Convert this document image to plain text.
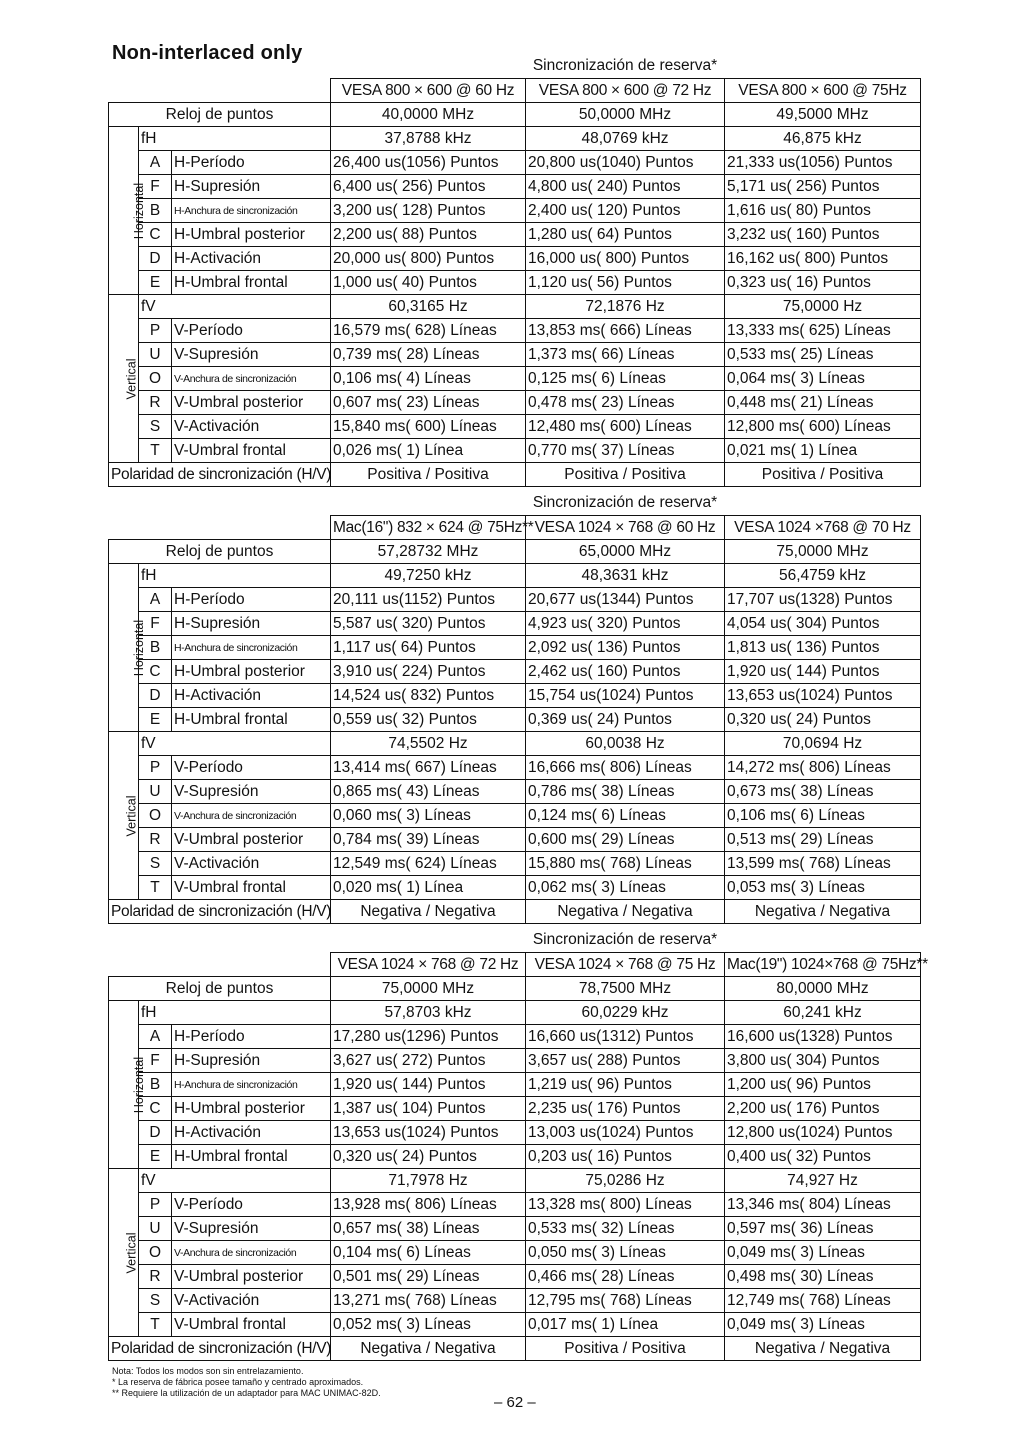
Non-interlaced only
Sincronización de reserva*
			VESA 800 × 600 @ 60 Hz	VESA 800 × 600 @ 72 Hz	VESA 800 × 600 @ 75Hz
Reloj de puntos			40,0000 MHz	50,0000 MHz	49,5000 MHz
Horizontal	fH		37,8788 kHz	48,0769 kHz	46,875 kHz
	A	H-Período	26,400 us(1056) Puntos	20,800 us(1040) Puntos	21,333 us(1056) Puntos
	F	H-Supresión	6,400 us( 256) Puntos	4,800 us( 240) Puntos	5,171 us( 256) Puntos
	B	H-Anchura de sincronización	3,200 us( 128) Puntos	2,400 us( 120) Puntos	1,616 us( 80) Puntos
	C	H-Umbral posterior	2,200 us( 88) Puntos	1,280 us( 64) Puntos	3,232 us( 160) Puntos
	D	H-Activación	20,000 us( 800) Puntos	16,000 us( 800) Puntos	16,162 us( 800) Puntos
	E	H-Umbral frontal	1,000 us( 40) Puntos	1,120 us( 56) Puntos	0,323 us( 16) Puntos
Vertical	fV		60,3165 Hz	72,1876 Hz	75,0000 Hz
	P	V-Período	16,579 ms( 628) Líneas	13,853 ms( 666) Líneas	13,333 ms( 625) Líneas
	U	V-Supresión	0,739 ms( 28) Líneas	1,373 ms( 66) Líneas	0,533 ms( 25) Líneas
	O	V-Anchura de sincronización	0,106 ms( 4) Líneas	0,125 ms( 6) Líneas	0,064 ms( 3) Líneas
	R	V-Umbral posterior	0,607 ms( 23) Líneas	0,478 ms( 23) Líneas	0,448 ms( 21) Líneas
	S	V-Activación	15,840 ms( 600) Líneas	12,480 ms( 600) Líneas	12,800 ms( 600) Líneas
	T	V-Umbral frontal	0,026 ms( 1) Línea	0,770 ms( 37) Líneas	0,021 ms( 1) Línea
Polaridad de sincronización (H/V)			Positiva / Positiva	Positiva / Positiva	Positiva / Positiva
Sincronización de reserva*
			Mac(16") 832 × 624 @ 75Hz**	VESA 1024 × 768 @ 60 Hz	VESA 1024 ×768 @ 70 Hz
Reloj de puntos			57,28732 MHz	65,0000 MHz	75,0000 MHz
Horizontal	fH		49,7250 kHz	48,3631 kHz	56,4759 kHz
	A	H-Período	20,111 us(1152) Puntos	20,677 us(1344) Puntos	17,707 us(1328) Puntos
	F	H-Supresión	5,587 us( 320) Puntos	4,923 us( 320) Puntos	4,054 us( 304) Puntos
	B	H-Anchura de sincronización	1,117 us( 64) Puntos	2,092 us( 136) Puntos	1,813 us( 136) Puntos
	C	H-Umbral posterior	3,910 us( 224) Puntos	2,462 us( 160) Puntos	1,920 us( 144) Puntos
	D	H-Activación	14,524 us( 832) Puntos	15,754 us(1024) Puntos	13,653 us(1024) Puntos
	E	H-Umbral frontal	0,559 us( 32) Puntos	0,369 us( 24) Puntos	0,320 us( 24) Puntos
Vertical	fV		74,5502 Hz	60,0038 Hz	70,0694 Hz
	P	V-Período	13,414 ms( 667) Líneas	16,666 ms( 806) Líneas	14,272 ms( 806) Líneas
	U	V-Supresión	0,865 ms( 43) Líneas	0,786 ms( 38) Líneas	0,673 ms( 38) Líneas
	O	V-Anchura de sincronización	0,060 ms( 3) Líneas	0,124 ms( 6) Líneas	0,106 ms( 6) Líneas
	R	V-Umbral posterior	0,784 ms( 39) Líneas	0,600 ms( 29) Líneas	0,513 ms( 29) Líneas
	S	V-Activación	12,549 ms( 624) Líneas	15,880 ms( 768) Líneas	13,599 ms( 768) Líneas
	T	V-Umbral frontal	0,020 ms( 1) Línea	0,062 ms( 3) Líneas	0,053 ms( 3) Líneas
Polaridad de sincronización (H/V)			Negativa / Negativa	Negativa / Negativa	Negativa / Negativa
Sincronización de reserva*
			VESA 1024 × 768 @ 72 Hz	VESA 1024 × 768 @ 75 Hz	Mac(19") 1024×768 @ 75Hz**
Reloj de puntos			75,0000 MHz	78,7500 MHz	80,0000 MHz
Horizontal	fH		57,8703 kHz	60,0229 kHz	60,241 kHz
	A	H-Período	17,280 us(1296) Puntos	16,660 us(1312) Puntos	16,600 us(1328) Puntos
	F	H-Supresión	3,627 us( 272) Puntos	3,657 us( 288) Puntos	3,800 us( 304) Puntos
	B	H-Anchura de sincronización	1,920 us( 144) Puntos	1,219 us( 96) Puntos	1,200 us( 96) Puntos
	C	H-Umbral posterior	1,387 us( 104) Puntos	2,235 us( 176) Puntos	2,200 us( 176) Puntos
	D	H-Activación	13,653 us(1024) Puntos	13,003 us(1024) Puntos	12,800 us(1024) Puntos
	E	H-Umbral frontal	0,320 us( 24) Puntos	0,203 us( 16) Puntos	0,400 us( 32) Puntos
Vertical	fV		71,7978 Hz	75,0286 Hz	74,927 Hz
	P	V-Período	13,928 ms( 806) Líneas	13,328 ms( 800) Líneas	13,346 ms( 804) Líneas
	U	V-Supresión	0,657 ms( 38) Líneas	0,533 ms( 32) Líneas	0,597 ms( 36) Líneas
	O	V-Anchura de sincronización	0,104 ms( 6) Líneas	0,050 ms( 3) Líneas	0,049 ms( 3) Líneas
	R	V-Umbral posterior	0,501 ms( 29) Líneas	0,466 ms( 28) Líneas	0,498 ms( 30) Líneas
	S	V-Activación	13,271 ms( 768) Líneas	12,795 ms( 768) Líneas	12,749 ms( 768) Líneas
	T	V-Umbral frontal	0,052 ms( 3) Líneas	0,017 ms( 1) Línea	0,049 ms( 3) Líneas
Polaridad de sincronización (H/V)			Negativa / Negativa	Positiva / Positiva	Negativa / Negativa
Nota: Todos los modos son sin entrelazamiento.
* La reserva de fábrica posee tamaño y centrado aproximados.
** Requiere la utilización de un adaptador para MAC UNIMAC-82D.
– 62 –
